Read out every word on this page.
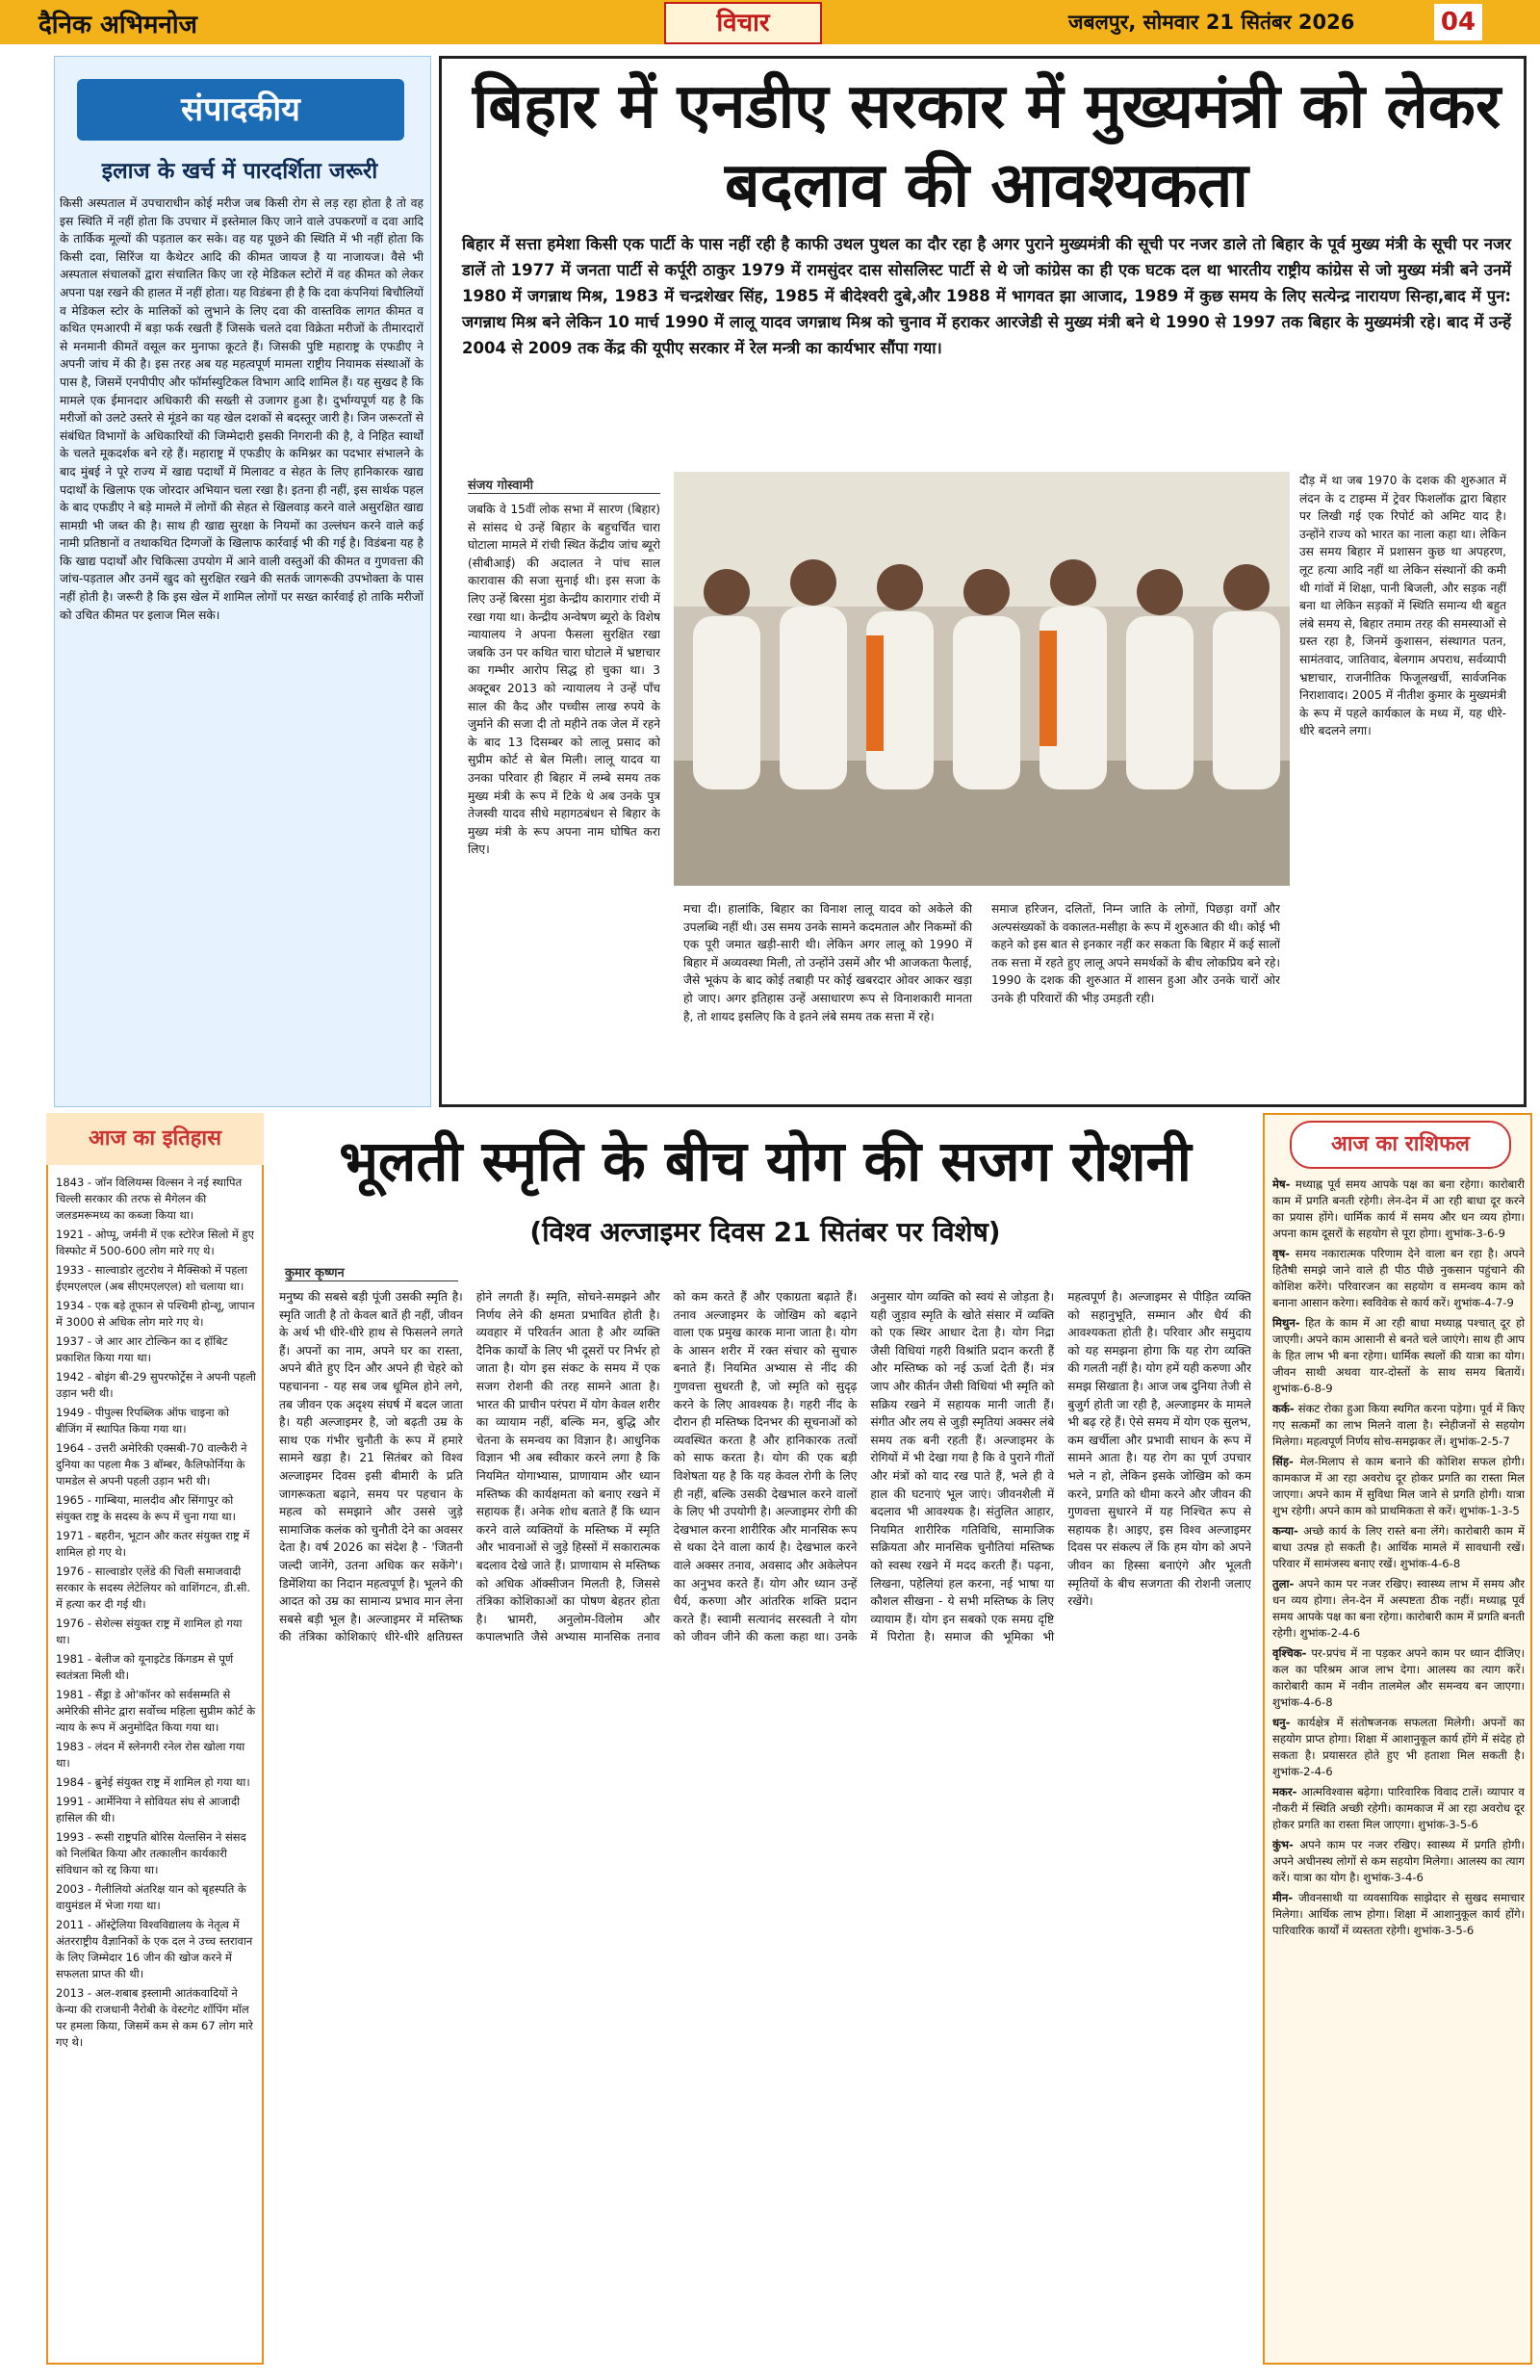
दैनिक अभिमनोज	विचार	जबलपुर, सोमवार 21 सितंबर 2026	04
संपादकीय
इलाज के खर्च में पारदर्शिता जरूरी
किसी अस्पताल में उपचाराधीन कोई मरीज जब किसी रोग से लड़ रहा होता है तो वह इस स्थिति में नहीं होता कि उपचार में इस्तेमाल किए जाने वाले उपकरणों व दवा आदि के तार्किक मूल्यों की पड़ताल कर सके। वह यह पूछने की स्थिति में भी नहीं होता कि किसी दवा, सिरिंज या कैथेटर आदि की कीमत जायज है या नाजायज। वैसे भी अस्पताल संचालकों द्वारा संचालित किए जा रहे मेडिकल स्टोरों में वह कीमत को लेकर अपना पक्ष रखने की हालत में नहीं होता। यह विडंबना ही है कि दवा कंपनियां बिचौलियों व मेडिकल स्टोर के मालिकों को लुभाने के लिए दवा की वास्तविक लागत कीमत व कथित एमआरपी में बड़ा फर्क रखती हैं जिसके चलते दवा विक्रेता मरीजों के तीमारदारों से मनमानी कीमतें वसूल कर मुनाफा कूटते हैं। जिसकी पुष्टि महाराष्ट्र के एफडीए ने अपनी जांच में की है। इस तरह अब यह महत्वपूर्ण मामला राष्ट्रीय नियामक संस्थाओं के पास है, जिसमें एनपीपीए और फॉर्मास्युटिकल विभाग आदि शामिल हैं। यह सुखद है कि मामले एक ईमानदार अधिकारी की सख्ती से उजागर हुआ है। दुर्भाग्यपूर्ण यह है कि मरीजों को उलटे उस्तरे से मूंडने का यह खेल दशकों से बदस्तूर जारी है। जिन जरूरतों से संबंधित विभागों के अधिकारियों की जिम्मेदारी इसकी निगरानी की है, वे निहित स्वार्थों के चलते मूकदर्शक बने रहे हैं। महाराष्ट्र में एफडीए के कमिश्नर का पदभार संभालने के बाद मुंबई ने पूरे राज्य में खाद्य पदार्थों में मिलावट व सेहत के लिए हानिकारक खाद्य पदार्थों के खिलाफ एक जोरदार अभियान चला रखा है। इतना ही नहीं, इस सार्थक पहल के बाद एफडीए ने बड़े मामले में लोगों की सेहत से खिलवाड़ करने वाले असुरक्षित खाद्य सामग्री भी जब्त की है। साथ ही खाद्य सुरक्षा के नियमों का उल्लंघन करने वाले कई नामी प्रतिष्ठानों व तथाकथित दिग्गजों के खिलाफ कार्रवाई भी की गई है। विडंबना यह है कि खाद्य पदार्थों और चिकित्सा उपयोग में आने वाली वस्तुओं की कीमत व गुणवत्ता की जांच-पड़ताल और उनमें खुद को सुरक्षित रखने की सतर्क जागरूकी उपभोक्ता के पास नहीं होती है। जरूरी है कि इस खेल में शामिल लोगों पर सख्त कार्रवाई हो ताकि मरीजों को उचित कीमत पर इलाज मिल सके।
बिहार में एनडीए सरकार में मुख्यमंत्री को लेकर बदलाव की आवश्यकता
बिहार में सत्ता हमेशा किसी एक पार्टी के पास नहीं रही है काफी उथल पुथल का दौर रहा है अगर पुराने मुख्यमंत्री की सूची पर नजर डाले तो बिहार के पूर्व मुख्य मंत्री के सूची पर नजर डालें तो 1977 में जनता पार्टी से कर्पूरी ठाकुर 1979 में रामसुंदर दास सोसलिस्ट पार्टी से थे जो कांग्रेस का ही एक घटक दल था भारतीय राष्ट्रीय कांग्रेस से जो मुख्य मंत्री बने उनमें 1980 में जगन्नाथ मिश्र, 1983 में चन्द्रशेखर सिंह, 1985 में बीदेश्वरी दुबे,और 1988 में भागवत झा आजाद, 1989 में कुछ समय के लिए सत्येन्द्र नारायण सिन्हा,बाद में पुन: जगन्नाथ मिश्र बने लेकिन 10 मार्च 1990 में लालू यादव जगन्नाथ मिश्र को चुनाव में हराकर आरजेडी से मुख्य मंत्री बने थे 1990 से 1997 तक बिहार के मुख्यमंत्री रहे। बाद में उन्हें 2004 से 2009 तक केंद्र की यूपीए सरकार में रेल मन्त्री का कार्यभार सौंपा गया।
संजय गोस्वामी
जबकि वे 15वीं लोक सभा में सारण (बिहार) से सांसद थे उन्हें बिहार के बहुचर्चित चारा घोटाला मामले में रांची स्थित केंद्रीय जांच ब्यूरो (सीबीआई) की अदालत ने पांच साल कारावास की सजा सुनाई थी। इस सजा के लिए उन्हें बिरसा मुंडा केन्द्रीय कारागार रांची में रखा गया था। केन्द्रीय अन्वेषण ब्यूरो के विशेष न्यायालय ने अपना फैसला सुरक्षित रखा जबकि उन पर कथित चारा घोटाले में भ्रष्टाचार का गम्भीर आरोप सिद्ध हो चुका था। 3 अक्टूबर 2013 को न्यायालय ने उन्हें पाँच साल की कैद और पच्चीस लाख रुपये के जुर्माने की सजा दी तो महीने तक जेल में रहने के बाद 13 दिसम्बर को लालू प्रसाद को सुप्रीम कोर्ट से बेल मिली। लालू यादव या उनका परिवार ही बिहार में लम्बे समय तक मुख्य मंत्री के रूप में टिके थे अब उनके पुत्र तेजस्वी यादव सीधे महागठबंधन से बिहार के मुख्य मंत्री के रूप अपना नाम घोषित करा लिए।
मचा दी। हालांकि, बिहार का विनाश लालू यादव को अकेले की उपलब्धि नहीं थी। उस समय उनके सामने कदमताल और निकम्मों की एक पूरी जमात खड़ी-सारी थी। लेकिन अगर लालू को 1990 में बिहार में अव्यवस्था मिली, तो उन्होंने उसमें और भी आजकता फैलाई, जैसे भूकंप के बाद कोई तबाही पर कोई खबरदार ओवर आकर खड़ा हो जाए। अगर इतिहास उन्हें असाधारण रूप से विनाशकारी मानता है, तो शायद इसलिए कि वे इतने लंबे समय तक सत्ता में रहे।
समाज हरिजन, दलितों, निम्न जाति के लोगों, पिछड़ा वर्गों और अल्पसंख्यकों के वकालत-मसीहा के रूप में शुरुआत की थी। कोई भी कहने को इस बात से इनकार नहीं कर सकता कि बिहार में कई सालों तक सत्ता में रहते हुए लालू अपने समर्थकों के बीच लोकप्रिय बने रहे। 1990 के दशक की शुरुआत में शासन हुआ और उनके चारों ओर उनके ही परिवारों की भीड़ उमड़ती रही।
दौड़ में था जब 1970 के दशक की शुरुआत में लंदन के द टाइम्स में ट्रेवर फिशलॉक द्वारा बिहार पर लिखी गई एक रिपोर्ट को अमिट याद है। उन्होंने राज्य को भारत का नाला कहा था। लेकिन उस समय बिहार में प्रशासन कुछ था अपहरण, लूट हत्या आदि नहीं था लेकिन संस्थानों की कमी थी गांवों में शिक्षा, पानी बिजली, और सड़क नहीं बना था लेकिन सड़कों में स्थिति समान्य थी बहुत लंबे समय से, बिहार तमाम तरह की समस्याओं से ग्रस्त रहा है, जिनमें कुशासन, संस्थागत पतन, सामंतवाद, जातिवाद, बेलगाम अपराध, सर्वव्यापी भ्रष्टाचार, राजनीतिक फिजूलखर्ची, सार्वजनिक निराशावाद। 2005 में नीतीश कुमार के मुख्यमंत्री के रूप में पहले कार्यकाल के मध्य में, यह धीरे-धीरे बदलने लगा।
आज का इतिहास
1843 - जॉन विलियम्स विल्सन ने नई स्थापित चिल्ली सरकार की तरफ से मैगेलन की जलडमरूमध्य का कब्जा किया था।
1921 - ओप्पू, जर्मनी में एक स्टोरेज सिलो में हुए विस्फोट में 500-600 लोग मारे गए थे।
1933 - साल्वाडोर लुटरोथ ने मैक्सिको में पहला ईएमएलएल (अब सीएमएलएल) शो चलाया था।
1934 - एक बड़े तूफान से पश्चिमी होन्शू, जापान में 3000 से अधिक लोग मारे गए थे।
1937 - जे आर आर टोल्किन का द हॉबिट प्रकाशित किया गया था।
1942 - बोइंग बी-29 सुपरफोर्ट्रेस ने अपनी पहली उड़ान भरी थी।
1949 - पीपुल्स रिपब्लिक ऑफ चाइना को बीजिंग में स्थापित किया गया था।
1964 - उत्तरी अमेरिकी एक्सबी-70 वाल्कैरी ने दुनिया का पहला मैक 3 बॉम्बर, कैलिफोर्निया के पामडेल से अपनी पहली उड़ान भरी थी।
1965 - गाम्बिया, मालदीव और सिंगापुर को संयुक्त राष्ट्र के सदस्य के रूप में चुना गया था।
1971 - बहरीन, भूटान और कतर संयुक्त राष्ट्र में शामिल हो गए थे।
1976 - साल्वाडोर एलेंडे की चिली समाजवादी सरकार के सदस्य लेटेलियर को वाशिंगटन, डी.सी. में हत्या कर दी गई थी।
1976 - सेशेल्स संयुक्त राष्ट्र में शामिल हो गया था।
1981 - बेलीज को यूनाइटेड किंगडम से पूर्ण स्वतंत्रता मिली थी।
1981 - सैंड्रा डे ओ'कॉनर को सर्वसम्मति से अमेरिकी सीनेट द्वारा सर्वोच्च महिला सुप्रीम कोर्ट के न्याय के रूप में अनुमोदित किया गया था।
1983 - लंदन में स्लेनगरी रनेल रोस खोला गया था।
1984 - ब्रुनेई संयुक्त राष्ट्र में शामिल हो गया था।
1991 - आर्मेनिया ने सोवियत संघ से आजादी हासिल की थी।
1993 - रूसी राष्ट्रपति बोरिस येल्तसिन ने संसद को निलंबित किया और तत्कालीन कार्यकारी संविधान को रद्द किया था।
2003 - गैलीलियो अंतरिक्ष यान को बृहस्पति के वायुमंडल में भेजा गया था।
2011 - ऑस्ट्रेलिया विश्वविद्यालय के नेतृत्व में अंतरराष्ट्रीय वैज्ञानिकों के एक दल ने उच्च स्तरावान के लिए जिम्मेदार 16 जीन की खोज करने में सफलता प्राप्त की थी।
2013 - अल-शबाब इस्लामी आतंकवादियों ने केन्या की राजधानी नैरोबी के वेस्टगेट शॉपिंग मॉल पर हमला किया, जिसमें कम से कम 67 लोग मारे गए थे।
भूलती स्मृति के बीच योग की सजग रोशनी
(विश्व अल्जाइमर दिवस 21 सितंबर पर विशेष)
कुमार कृष्णन
मनुष्य की सबसे बड़ी पूंजी उसकी स्मृति है। स्मृति जाती है तो केवल बातें ही नहीं, जीवन के अर्थ भी धीरे-धीरे हाथ से फिसलने लगते हैं। अपनों का नाम, अपने घर का रास्ता, अपने बीते हुए दिन और अपने ही चेहरे को पहचानना - यह सब जब धूमिल होने लगे, तब जीवन एक अदृश्य संघर्ष में बदल जाता है। यही अल्जाइमर है, जो बढ़ती उम्र के साथ एक गंभीर चुनौती के रूप में हमारे सामने खड़ा है। 21 सितंबर को विश्व अल्जाइमर दिवस इसी बीमारी के प्रति जागरूकता बढ़ाने, समय पर पहचान के महत्व को समझाने और उससे जुड़े सामाजिक कलंक को चुनौती देने का अवसर देता है। वर्ष 2026 का संदेश है - 'जितनी जल्दी जानेंगे, उतना अधिक कर सकेंगे'। डिमेंशिया का निदान महत्वपूर्ण है। भूलने की आदत को उम्र का सामान्य प्रभाव मान लेना सबसे बड़ी भूल है। अल्जाइमर में मस्तिष्क की तंत्रिका कोशिकाएं धीरे-धीरे क्षतिग्रस्त होने लगती हैं। स्मृति, सोचने-समझने और निर्णय लेने की क्षमता प्रभावित होती है। व्यवहार में परिवर्तन आता है और व्यक्ति दैनिक कार्यों के लिए भी दूसरों पर निर्भर हो जाता है। योग इस संकट के समय में एक सजग रोशनी की तरह सामने आता है। भारत की प्राचीन परंपरा में योग केवल शरीर का व्यायाम नहीं, बल्कि मन, बुद्धि और चेतना के समन्वय का विज्ञान है। आधुनिक विज्ञान भी अब स्वीकार करने लगा है कि नियमित योगाभ्यास, प्राणायाम और ध्यान मस्तिष्क की कार्यक्षमता को बनाए रखने में सहायक हैं। अनेक शोध बताते हैं कि ध्यान करने वाले व्यक्तियों के मस्तिष्क में स्मृति और भावनाओं से जुड़े हिस्सों में सकारात्मक बदलाव देखे जाते हैं। प्राणायाम से मस्तिष्क को अधिक ऑक्सीजन मिलती है, जिससे तंत्रिका कोशिकाओं का पोषण बेहतर होता है। भ्रामरी, अनुलोम-विलोम और कपालभाति जैसे अभ्यास मानसिक तनाव को कम करते हैं और एकाग्रता बढ़ाते हैं। तनाव अल्जाइमर के जोखिम को बढ़ाने वाला एक प्रमुख कारक माना जाता है। योग के आसन शरीर में रक्त संचार को सुचारु बनाते हैं। नियमित अभ्यास से नींद की गुणवत्ता सुधरती है, जो स्मृति को सुदृढ़ करने के लिए आवश्यक है। गहरी नींद के दौरान ही मस्तिष्क दिनभर की सूचनाओं को व्यवस्थित करता है और हानिकारक तत्वों को साफ करता है। योग की एक बड़ी विशेषता यह है कि यह केवल रोगी के लिए ही नहीं, बल्कि उसकी देखभाल करने वालों के लिए भी उपयोगी है। अल्जाइमर रोगी की देखभाल करना शारीरिक और मानसिक रूप से थका देने वाला कार्य है। देखभाल करने वाले अक्सर तनाव, अवसाद और अकेलेपन का अनुभव करते हैं। योग और ध्यान उन्हें धैर्य, करुणा और आंतरिक शक्ति प्रदान करते हैं। स्वामी सत्यानंद सरस्वती ने योग को जीवन जीने की कला कहा था। उनके अनुसार योग व्यक्ति को स्वयं से जोड़ता है। यही जुड़ाव स्मृति के खोते संसार में व्यक्ति को एक स्थिर आधार देता है। योग निद्रा जैसी विधियां गहरी विश्रांति प्रदान करती हैं और मस्तिष्क को नई ऊर्जा देती हैं। मंत्र जाप और कीर्तन जैसी विधियां भी स्मृति को सक्रिय रखने में सहायक मानी जाती हैं। संगीत और लय से जुड़ी स्मृतियां अक्सर लंबे समय तक बनी रहती हैं। अल्जाइमर के रोगियों में भी देखा गया है कि वे पुराने गीतों और मंत्रों को याद रख पाते हैं, भले ही वे हाल की घटनाएं भूल जाएं। जीवनशैली में बदलाव भी आवश्यक है। संतुलित आहार, नियमित शारीरिक गतिविधि, सामाजिक सक्रियता और मानसिक चुनौतियां मस्तिष्क को स्वस्थ रखने में मदद करती हैं। पढ़ना, लिखना, पहेलियां हल करना, नई भाषा या कौशल सीखना - ये सभी मस्तिष्क के लिए व्यायाम हैं। योग इन सबको एक समग्र दृष्टि में पिरोता है। समाज की भूमिका भी महत्वपूर्ण है। अल्जाइमर से पीड़ित व्यक्ति को सहानुभूति, सम्मान और धैर्य की आवश्यकता होती है। परिवार और समुदाय को यह समझना होगा कि यह रोग व्यक्ति की गलती नहीं है। योग हमें यही करुणा और समझ सिखाता है। आज जब दुनिया तेजी से बुजुर्ग होती जा रही है, अल्जाइमर के मामले भी बढ़ रहे हैं। ऐसे समय में योग एक सुलभ, कम खर्चीला और प्रभावी साधन के रूप में सामने आता है। यह रोग का पूर्ण उपचार भले न हो, लेकिन इसके जोखिम को कम करने, प्रगति को धीमा करने और जीवन की गुणवत्ता सुधारने में यह निश्चित रूप से सहायक है। आइए, इस विश्व अल्जाइमर दिवस पर संकल्प लें कि हम योग को अपने जीवन का हिस्सा बनाएंगे और भूलती स्मृतियों के बीच सजगता की रोशनी जलाए रखेंगे।
आज का राशिफल
मेष- मध्याह्न पूर्व समय आपके पक्ष का बना रहेगा। कारोबारी काम में प्रगति बनती रहेगी। लेन-देन में आ रही बाधा दूर करने का प्रयास होंगे। धार्मिक कार्य में समय और धन व्यय होगा। अपना काम दूसरों के सहयोग से पूरा होगा। शुभांक-3-6-9
वृष- समय नकारात्मक परिणाम देने वाला बन रहा है। अपने हितैषी समझे जाने वाले ही पीठ पीछे नुकसान पहुंचाने की कोशिश करेंगे। परिवारजन का सहयोग व समन्वय काम को बनाना आसान करेगा। स्वविवेक से कार्य करें। शुभांक-4-7-9
मिथुन- हित के काम में आ रही बाधा मध्याह्न पश्चात् दूर हो जाएगी। अपने काम आसानी से बनते चले जाएंगे। साथ ही आप के हित लाभ भी बना रहेगा। धार्मिक स्थलों की यात्रा का योग। जीवन साथी अथवा यार-दोस्तों के साथ समय बितायें। शुभांक-6-8-9
कर्क- संकट रोका हुआ किया स्थगित करना पड़ेगा। पूर्व में किए गए सत्कर्मों का लाभ मिलने वाला है। स्नेहीजनों से सहयोग मिलेगा। महत्वपूर्ण निर्णय सोच-समझकर लें। शुभांक-2-5-7
सिंह- मेल-मिलाप से काम बनाने की कोशिश सफल होगी। कामकाज में आ रहा अवरोध दूर होकर प्रगति का रास्ता मिल जाएगा। अपने काम में सुविधा मिल जाने से प्रगति होगी। यात्रा शुभ रहेगी। अपने काम को प्राथमिकता से करें। शुभांक-1-3-5
कन्या- अच्छे कार्य के लिए रास्ते बना लेंगे। कारोबारी काम में बाधा उत्पन्न हो सकती है। आर्थिक मामले में सावधानी रखें। परिवार में सामंजस्य बनाए रखें। शुभांक-4-6-8
तुला- अपने काम पर नजर रखिए। स्वास्थ्य लाभ में समय और धन व्यय होगा। लेन-देन में अस्पष्टता ठीक नहीं। मध्याह्न पूर्व समय आपके पक्ष का बना रहेगा। कारोबारी काम में प्रगति बनती रहेगी। शुभांक-2-4-6
वृश्चिक- पर-प्रपंच में ना पड़कर अपने काम पर ध्यान दीजिए। कल का परिश्रम आज लाभ देगा। आलस्य का त्याग करें। कारोबारी काम में नवीन तालमेल और समन्वय बन जाएगा। शुभांक-4-6-8
धनु- कार्यक्षेत्र में संतोषजनक सफलता मिलेगी। अपनों का सहयोग प्राप्त होगा। शिक्षा में आशानुकूल कार्य होंगे में संदेह हो सकता है। प्रयासरत होते हुए भी हताशा मिल सकती है। शुभांक-2-4-6
मकर- आत्मविश्वास बढ़ेगा। पारिवारिक विवाद टालें। व्यापार व नौकरी में स्थिति अच्छी रहेगी। कामकाज में आ रहा अवरोध दूर होकर प्रगति का रास्ता मिल जाएगा। शुभांक-3-5-6
कुंभ- अपने काम पर नजर रखिए। स्वास्थ्य में प्रगति होगी। अपने अधीनस्थ लोगों से कम सहयोग मिलेगा। आलस्य का त्याग करें। यात्रा का योग है। शुभांक-3-4-6
मीन- जीवनसाथी या व्यवसायिक साझेदार से सुखद समाचार मिलेगा। आर्थिक लाभ होगा। शिक्षा में आशानुकूल कार्य होंगे। पारिवारिक कार्यों में व्यस्तता रहेगी। शुभांक-3-5-6
